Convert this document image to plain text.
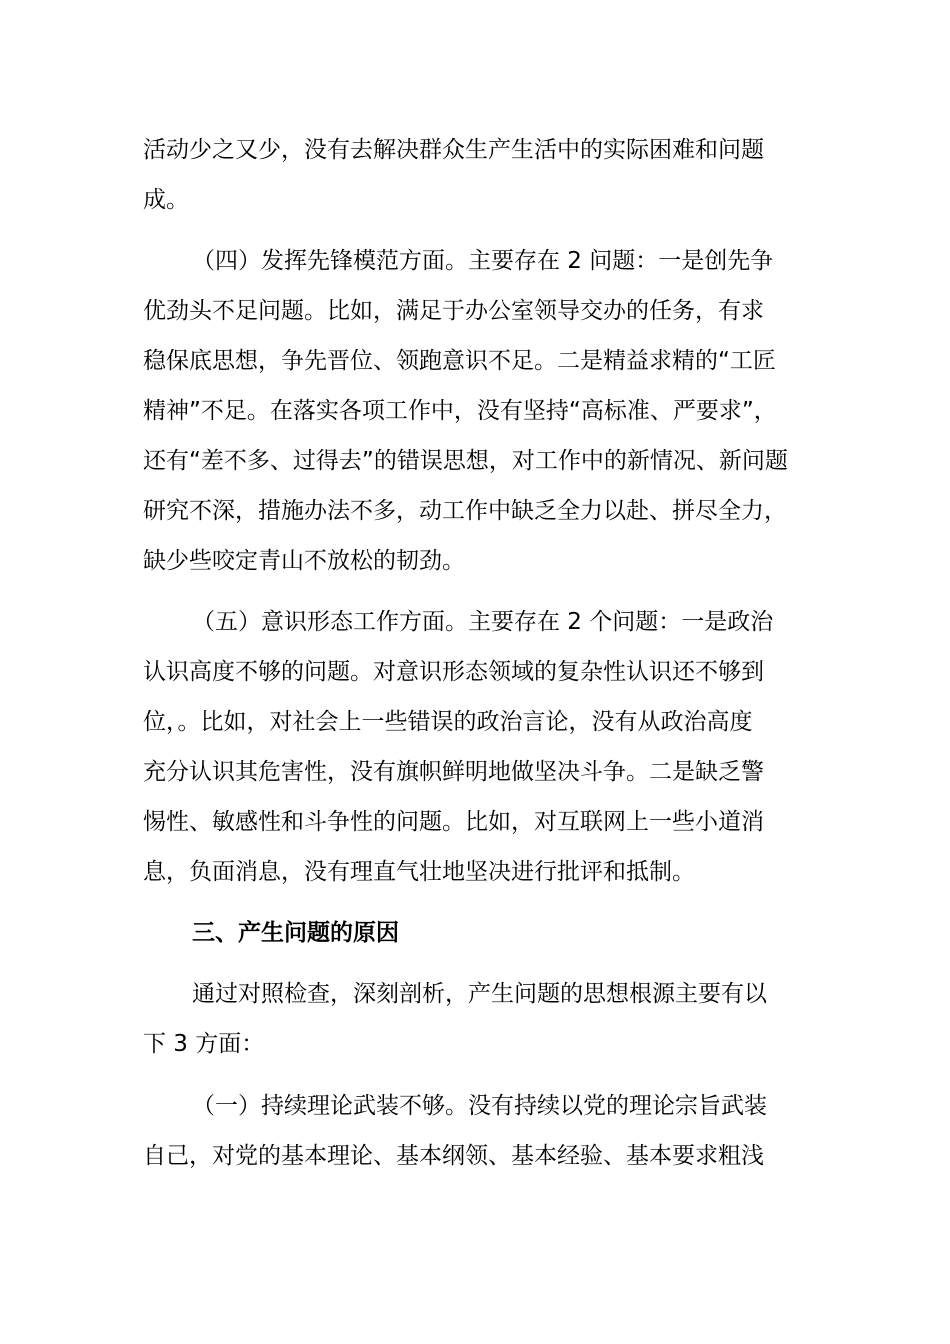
活动少之又少，没有去解决群众生产生活中的实际困难和问题
成。
（四）发挥先锋模范方面。主要存在 2 问题：一是创先争
优劲头不足问题。比如，满足于办公室领导交办的任务，有求
稳保底思想，争先晋位、领跑意识不足。二是精益求精的“工匠
精神”不足。在落实各项工作中，没有坚持“高标准、严要求”，
还有“差不多、过得去”的错误思想，对工作中的新情况、新问题
研究不深，措施办法不多，动工作中缺乏全力以赴、拼尽全力，
缺少些咬定青山不放松的韧劲。
（五）意识形态工作方面。主要存在 2 个问题：一是政治
认识高度不够的问题。对意识形态领域的复杂性认识还不够到
位，。比如，对社会上一些错误的政治言论，没有从政治高度
充分认识其危害性，没有旗帜鲜明地做坚决斗争。二是缺乏警
惕性、敏感性和斗争性的问题。比如，对互联网上一些小道消
息，负面消息，没有理直气壮地坚决进行批评和抵制。
三、产生问题的原因
通过对照检查，深刻剖析，产生问题的思想根源主要有以
下 3 方面：
（一）持续理论武装不够。没有持续以党的理论宗旨武装
自己，对党的基本理论、基本纲领、基本经验、基本要求粗浅
